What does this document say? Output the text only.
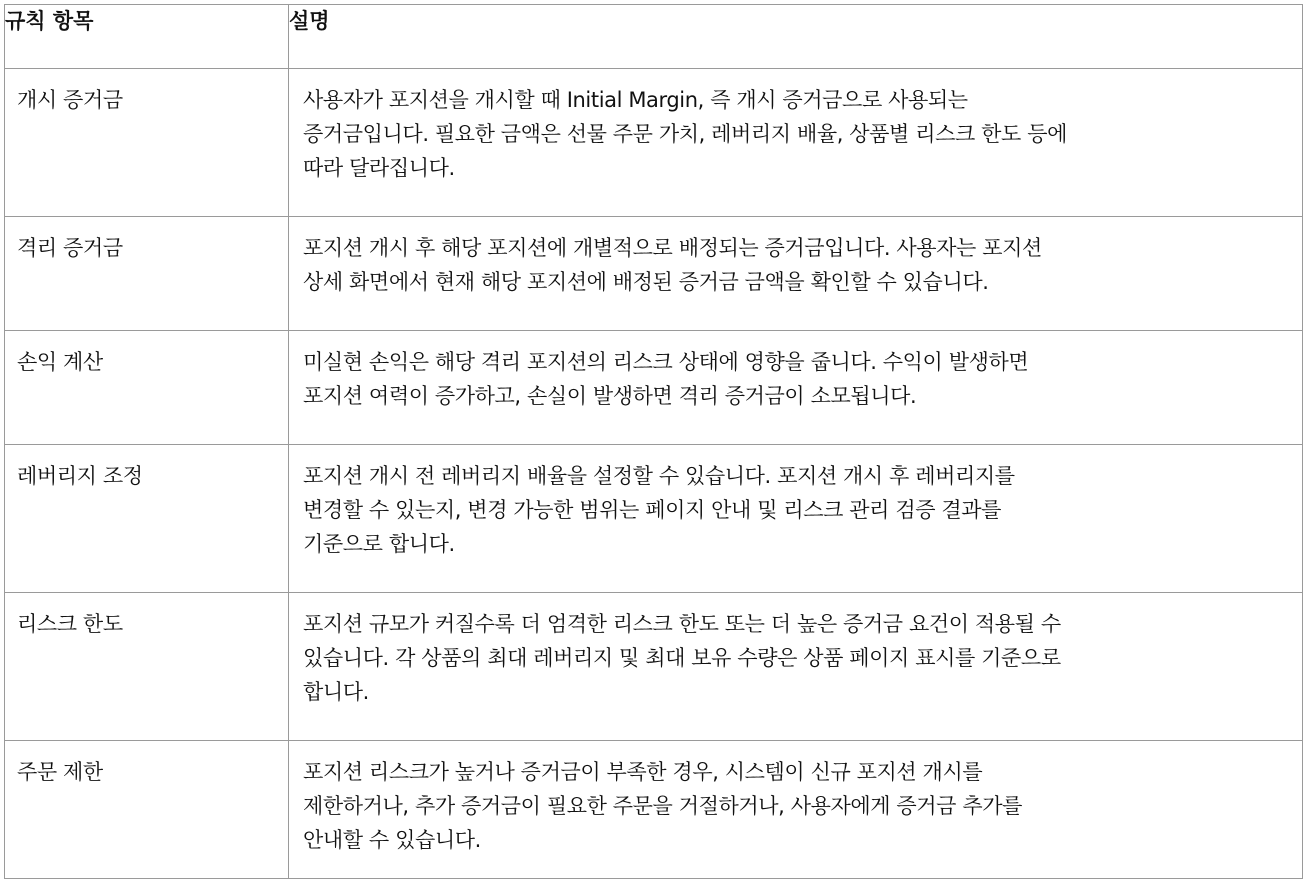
규칙 항목	설명
개시 증거금	사용자가 포지션을 개시할 때 Initial Margin, 즉 개시 증거금으로 사용되는
증거금입니다. 필요한 금액은 선물 주문 가치, 레버리지 배율, 상품별 리스크 한도 등에
따라 달라집니다.

격리 증거금	포지션 개시 후 해당 포지션에 개별적으로 배정되는 증거금입니다. 사용자는 포지션
상세 화면에서 현재 해당 포지션에 배정된 증거금 금액을 확인할 수 있습니다.

손익 계산	미실현 손익은 해당 격리 포지션의 리스크 상태에 영향을 줍니다. 수익이 발생하면
포지션 여력이 증가하고, 손실이 발생하면 격리 증거금이 소모됩니다.

레버리지 조정	포지션 개시 전 레버리지 배율을 설정할 수 있습니다. 포지션 개시 후 레버리지를
변경할 수 있는지, 변경 가능한 범위는 페이지 안내 및 리스크 관리 검증 결과를
기준으로 합니다.

리스크 한도	포지션 규모가 커질수록 더 엄격한 리스크 한도 또는 더 높은 증거금 요건이 적용될 수
있습니다. 각 상품의 최대 레버리지 및 최대 보유 수량은 상품 페이지 표시를 기준으로
합니다.

주문 제한	포지션 리스크가 높거나 증거금이 부족한 경우, 시스템이 신규 포지션 개시를
제한하거나, 추가 증거금이 필요한 주문을 거절하거나, 사용자에게 증거금 추가를
안내할 수 있습니다.
